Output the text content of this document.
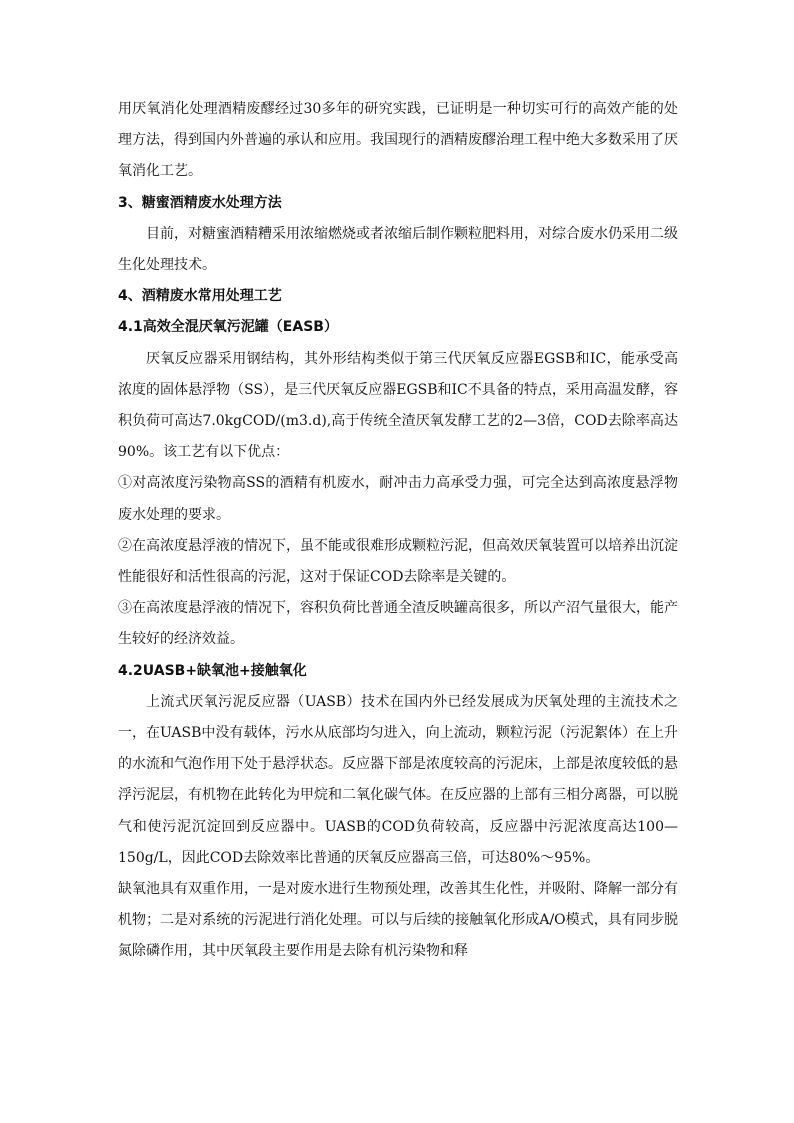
用厌氧消化处理酒精废醪经过30多年的研究实践，已证明是一种切实可行的高效产能的处理方法，得到国内外普遍的承认和应用。我国现行的酒精废醪治理工程中绝大多数采用了厌氧消化工艺。

3、糖蜜酒精废水处理方法

目前，对糖蜜酒精糟采用浓缩燃烧或者浓缩后制作颗粒肥料用，对综合废水仍采用二级生化处理技术。

4、酒精废水常用处理工艺

4.1高效全混厌氧污泥罐（EASB）

厌氧反应器采用钢结构，其外形结构类似于第三代厌氧反应器EGSB和IC，能承受高浓度的固体悬浮物（SS），是三代厌氧反应器EGSB和IC不具备的特点，采用高温发酵，容积负荷可高达7.0kgCOD/(m3.d),高于传统全渣厌氧发酵工艺的2—3倍，COD去除率高达90%。该工艺有以下优点：

①对高浓度污染物高SS的酒精有机废水，耐冲击力高承受力强，可完全达到高浓度悬浮物废水处理的要求。

②在高浓度悬浮液的情况下，虽不能或很难形成颗粒污泥，但高效厌氧装置可以培养出沉淀性能很好和活性很高的污泥，这对于保证COD去除率是关键的。

③在高浓度悬浮液的情况下，容积负荷比普通全渣反映罐高很多，所以产沼气量很大，能产生较好的经济效益。

4.2UASB+缺氧池+接触氧化

上流式厌氧污泥反应器（UASB）技术在国内外已经发展成为厌氧处理的主流技术之一，在UASB中没有载体，污水从底部均匀进入，向上流动，颗粒污泥（污泥絮体）在上升的水流和气泡作用下处于悬浮状态。反应器下部是浓度较高的污泥床，上部是浓度较低的悬浮污泥层，有机物在此转化为甲烷和二氧化碳气体。在反应器的上部有三相分离器，可以脱气和使污泥沉淀回到反应器中。UASB的COD负荷较高，反应器中污泥浓度高达100—150g/L，因此COD去除效率比普通的厌氧反应器高三倍，可达80%～95%。

缺氧池具有双重作用，一是对废水进行生物预处理，改善其生化性，并吸附、降解一部分有机物；二是对系统的污泥进行消化处理。可以与后续的接触氧化形成A/O模式，具有同步脱氮除磷作用，其中厌氧段主要作用是去除有机污染物和释
